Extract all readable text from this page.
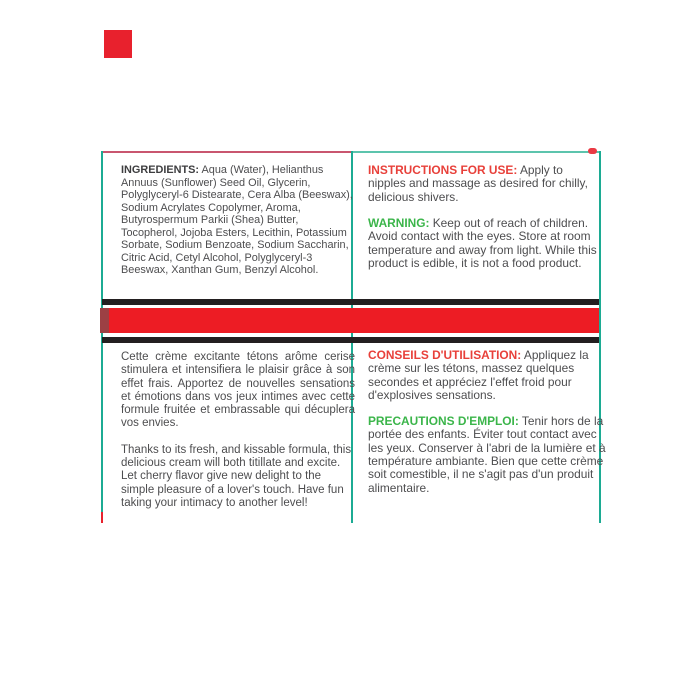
INGREDIENTS: Aqua (Water), Helianthus Annuus (Sunflower) Seed Oil, Glycerin, Polyglyceryl-6 Distearate, Cera Alba (Beeswax), Sodium Acrylates Copolymer, Aroma, Butyrospermum Parkii (Shea) Butter, Tocopherol, Jojoba Esters, Lecithin, Potassium Sorbate, Sodium Benzoate, Sodium Saccharin, Citric Acid, Cetyl Alcohol, Polyglyceryl-3 Beeswax, Xanthan Gum, Benzyl Alcohol.

INSTRUCTIONS FOR USE: Apply to nipples and massage as desired for chilly, delicious shivers.

WARNING: Keep out of reach of children. Avoid contact with the eyes. Store at room temperature and away from light. While this product is edible, it is not a food product.

Cette crème excitante tétons arôme cerise stimulera et intensifiera le plaisir grâce à son effet frais. Apportez de nouvelles sensations et émotions dans vos jeux intimes avec cette formule fruitée et embrassable qui décuplera vos envies.

Thanks to its fresh, and kissable formula, this delicious cream will both titillate and excite. Let cherry flavor give new delight to the simple pleasure of a lover's touch. Have fun taking your intimacy to another level!

CONSEILS D'UTILISATION: Appliquez la crème sur les tétons, massez quelques secondes et appréciez l'effet froid pour d'explosives sensations.

PRECAUTIONS D'EMPLOI: Tenir hors de la portée des enfants. Éviter tout contact avec les yeux. Conserver à l'abri de la lumière et à température ambiante. Bien que cette crème soit comestible, il ne s'agit pas d'un produit alimentaire.
